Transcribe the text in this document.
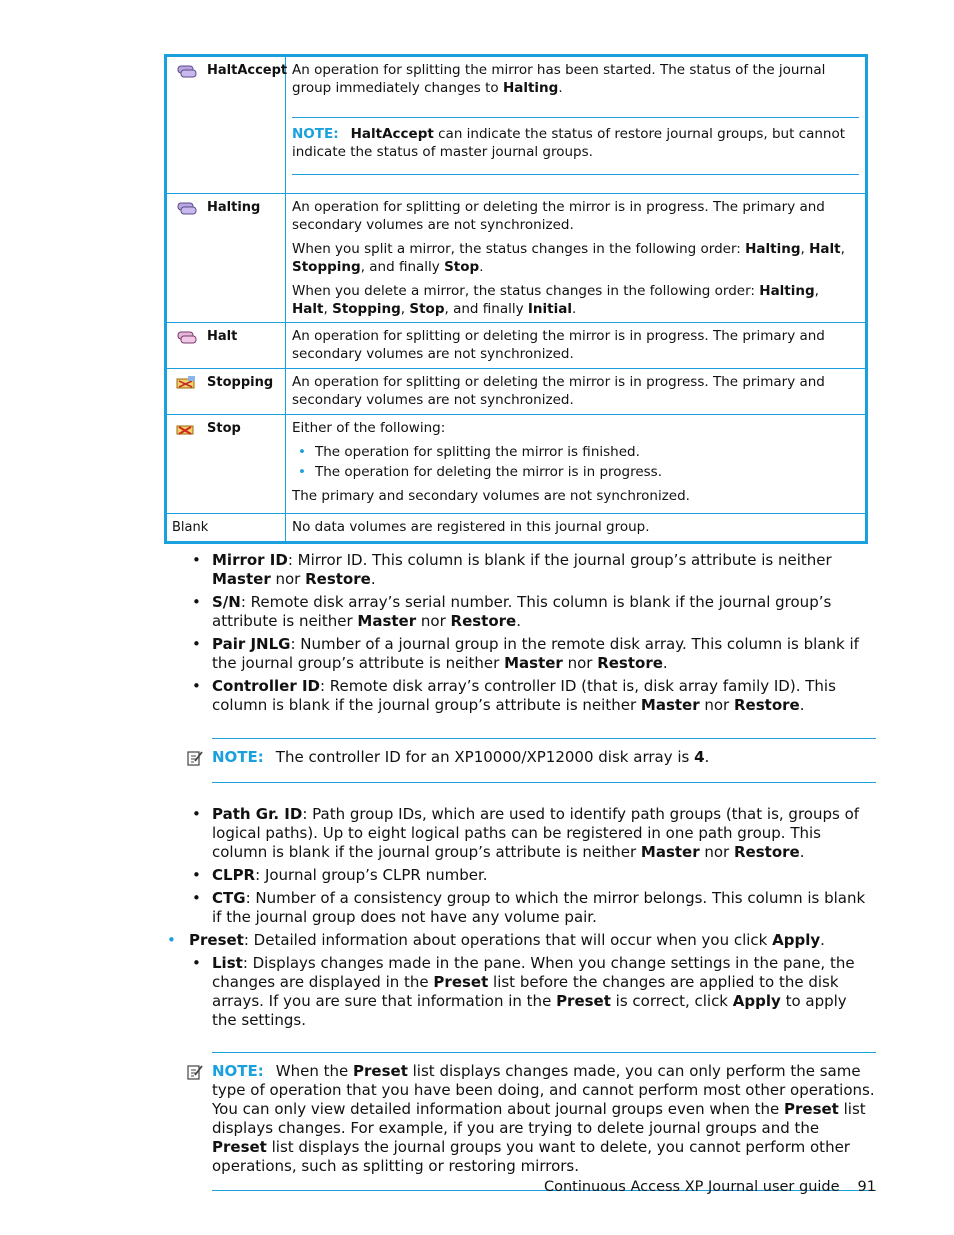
HaltAccept An operation for splitting the mirror has been started. The status of the journal group immediately changes to Halting.

NOTE: HaltAccept can indicate the status of restore journal groups, but cannot indicate the status of master journal groups.
Halting An operation for splitting or deleting the mirror is in progress. The primary and secondary volumes are not synchronized.

When you split a mirror, the status changes in the following order: Halting, Halt, Stopping, and finally Stop.

When you delete a mirror, the status changes in the following order: Halting, Halt, Stopping, Stop, and finally Initial.

Halt	An operation for splitting or deleting the mirror is in progress. The primary and secondary volumes are not synchronized.
Stopping	An operation for splitting or deleting the mirror is in progress. The primary and secondary volumes are not synchronized.
Stop	Either of the following:
• The operation for splitting the mirror is finished.
• The operation for deleting the mirror is in progress.
The primary and secondary volumes are not synchronized.
Blank	No data volumes are registered in this journal group.
• Mirror ID: Mirror ID. This column is blank if the journal group’s attribute is neither Master nor Restore.
• S/N: Remote disk array’s serial number. This column is blank if the journal group’s attribute is neither Master nor Restore.
• Pair JNLG: Number of a journal group in the remote disk array. This column is blank if the journal group’s attribute is neither Master nor Restore.
• Controller ID: Remote disk array’s controller ID (that is, disk array family ID). This column is blank if the journal group’s attribute is neither Master nor Restore.
NOTE: The controller ID for an XP10000/XP12000 disk array is 4.
• Path Gr. ID: Path group IDs, which are used to identify path groups (that is, groups of logical paths). Up to eight logical paths can be registered in one path group. This column is blank if the journal group’s attribute is neither Master nor Restore.
• CLPR: Journal group’s CLPR number.
• CTG: Number of a consistency group to which the mirror belongs. This column is blank if the journal group does not have any volume pair.
• Preset: Detailed information about operations that will occur when you click Apply.
• List: Displays changes made in the pane. When you change settings in the pane, the changes are displayed in the Preset list before the changes are applied to the disk arrays. If you are sure that information in the Preset is correct, click Apply to apply the settings.
NOTE: When the Preset list displays changes made, you can only perform the same type of operation that you have been doing, and cannot perform most other operations. You can only view detailed information about journal groups even when the Preset list displays changes. For example, if you are trying to delete journal groups and the Preset list displays the journal groups you want to delete, you cannot perform other operations, such as splitting or restoring mirrors.
Continuous Access XP Journal user guide 91
